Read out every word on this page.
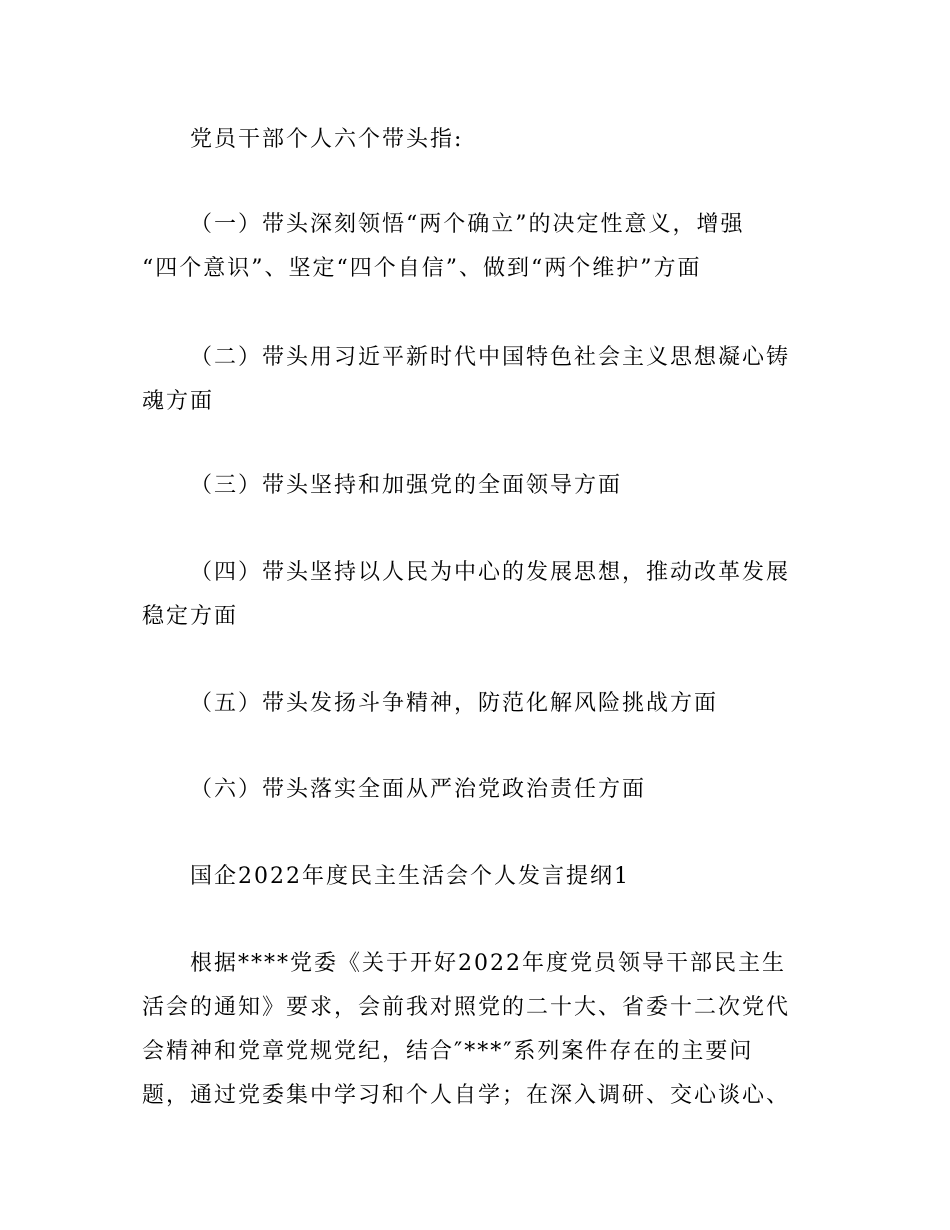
党员干部个人六个带头指:
（一）带头深刻领悟“两个确立”的决定性意义，增强
“四个意识”、坚定“四个自信”、做到“两个维护”方面
（二）带头用习近平新时代中国特色社会主义思想凝心铸
魂方面
（三）带头坚持和加强党的全面领导方面
（四）带头坚持以人民为中心的发展思想，推动改革发展
稳定方面
（五）带头发扬斗争精神，防范化解风险挑战方面
（六）带头落实全面从严治党政治责任方面
国企2022年度民主生活会个人发言提纲1
根据****党委《关于开好2022年度党员领导干部民主生
活会的通知》要求，会前我对照党的二十大、省委十二次党代
会精神和党章党规党纪，结合″***″系列案件存在的主要问
题，通过党委集中学习和个人自学；在深入调研、交心谈心、
